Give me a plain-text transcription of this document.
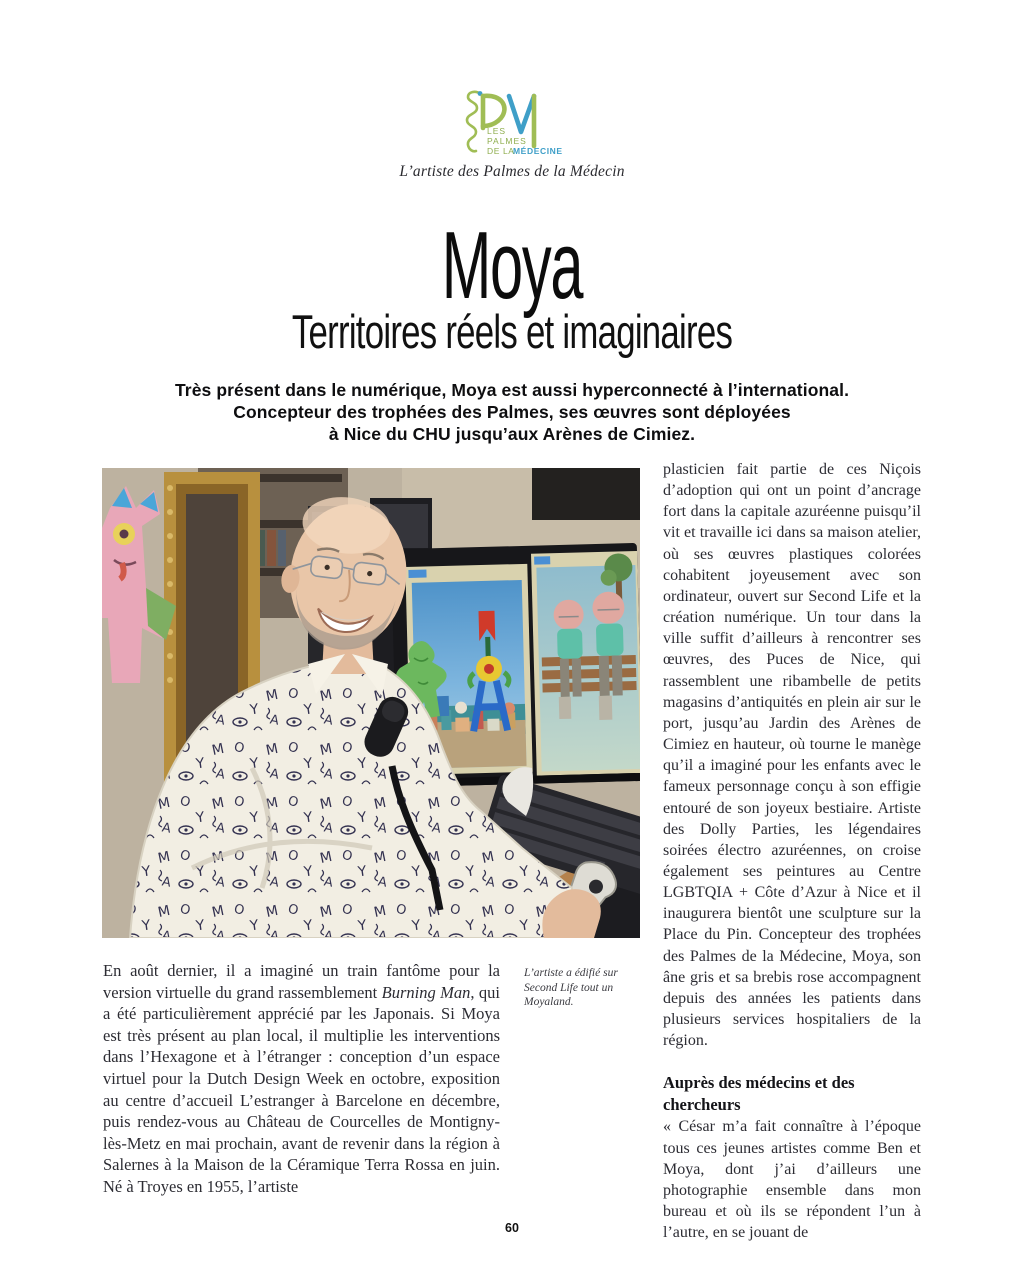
LES
PALMES
DE LA
MÉDECINE
L’artiste des Palmes de la Médecin
Moya
Territoires réels et imaginaires
Très présent dans le numérique, Moya est aussi hyperconnecté à l’international.
Concepteur des trophées des Palmes, ses œuvres sont déployées
à Nice du CHU jusqu’aux Arènes de Cimiez.

En août dernier, il a imaginé un train fantôme pour la version virtuelle du grand rassemblement Burning Man, qui a été particulièrement apprécié par les Japonais. Si Moya est très présent au plan local, il multiplie les interventions dans l’Hexagone et à l’étranger : conception d’un espace virtuel pour la Dutch Design Week en octobre, exposition au centre d’accueil L’estranger à Barcelone en décembre, puis rendez-vous au Château de Courcelles de Montigny-lès-Metz en mai prochain, avant de revenir dans la région à Salernes à la Maison de la Céramique Terra Rossa en juin. Né à Troyes en 1955, l’artiste

L’artiste a édifié sur Second Life tout un Moyaland.

plasticien fait partie de ces Niçois d’adoption qui ont un point d’ancrage fort dans la capitale azuréenne puisqu’il vit et travaille ici dans sa maison atelier, où ses œuvres plastiques colorées cohabitent joyeusement avec son ordinateur, ouvert sur Second Life et la création numérique. Un tour dans la ville suffit d’ailleurs à rencontrer ses œuvres, des Puces de Nice, qui rassemblent une ribambelle de petits magasins d’antiquités en plein air sur le port, jusqu’au Jardin des Arènes de Cimiez en hauteur, où tourne le manège qu’il a imaginé pour les enfants avec le fameux personnage conçu à son effigie entouré de son joyeux bestiaire. Artiste des Dolly Parties, les légendaires soirées électro azuréennes, on croise également ses peintures au Centre LGBTQIA + Côte d’Azur à Nice et il inaugurera bientôt une sculpture sur la Place du Pin. Concepteur des trophées des Palmes de la Médecine, Moya, son âne gris et sa brebis rose accompagnent depuis des années les patients dans plusieurs services hospitaliers de la région.

Auprès des médecins et des chercheurs

« César m’a fait connaître à l’époque tous ces jeunes artistes comme Ben et Moya, dont j’ai d’ailleurs une photographie ensemble dans mon bureau et où ils se répondent l’un à l’autre, en se jouant de

60
